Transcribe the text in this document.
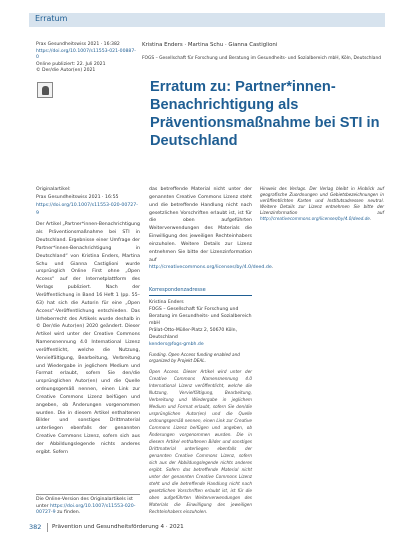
Erratum
Prax Gesundheitswiss 2021 · 16:382
https://doi.org/10.1007/s11553-021-00887-0
Online publiziert: 22. Juli 2021
© Der/die Autor(en) 2021
Kristina Enders · Martina Schu · Gianna Castiglioni
FOGS – Gesellschaft für Forschung und Beratung im Gesundheits- und Sozialbereich mbH, Köln, Deutschland
Erratum zu: Partner*innen-Benachrichtigung als Präventionsmaßnahme bei STI in Deutschland
Originalartikel:
Prax Gesundheitswiss 2021 · 16:55
https://doi.org/10.1007/s11553-020-00727-9

Der Artikel „Partner*innen-Benachrichtigung als Präventionsmaßnahme bei STI in Deutschland. Ergebnisse einer Umfrage der Partner*innen-Benachrichtigung in Deutschland“ von Kristina Enders, Martina Schu und Gianna Castiglioni wurde ursprünglich Online First ohne „Open Access“ auf der Internetplattform des Verlags publiziert. Nach der Veröffentlichung in Band 16 Heft 1 (pp. 55–63) hat sich die Autorin für eine „Open Access“-Veröffentlichung entschieden. Das Urheberrecht des Artikels wurde deshalb in © Der/die Autor(en) 2020 geändert. Dieser Artikel wird unter der Creative Commons Namensnennung 4.0 International Lizenz veröffentlicht, welche die Nutzung, Vervielfältigung, Bearbeitung, Verbreitung und Wiedergabe in jeglichem Medium und Format erlaubt, sofern Sie den/die ursprünglichen Autor(en) und die Quelle ordnungsgemäß nennen, einen Link zur Creative Commons Lizenz beifügen und angeben, ob Änderungen vorgenommen wurden. Die in diesem Artikel enthaltenen Bilder und sonstiges Drittmaterial unterliegen ebenfalls der genannten Creative Commons Lizenz, sofern sich aus der Abbildungslegende nichts anderes ergibt. Sofern

Die Online-Version des Originalartikels ist unter https://doi.org/10.1007/s11553-020-00727-9 zu finden.

das betreffende Material nicht unter der genannten Creative Commons Lizenz steht und die betreffende Handlung nicht nach gesetzlichen Vorschriften erlaubt ist, ist für die oben aufgeführten Weiterverwendungen des Materials die Einwilligung des jeweiligen Rechteinhabers einzuholen. Weitere Details zur Lizenz entnehmen Sie bitte der Lizenzinformation auf http://creativecommons.org/licenses/by/4.0/deed.de.

Korrespondenzadresse
Kristina Enders
FOGS – Gesellschaft für Forschung und Beratung im Gesundheits- und Sozialbereich mbH
Prälat-Otto-Müller-Platz 2, 50670 Köln, Deutschland
kenders@fogs-gmbh.de
Funding. Open Access funding enabled and organized by Projekt DEAL.
Open Access. Dieser Artikel wird unter der Creative Commons Namensnennung 4.0 International Lizenz veröffentlicht, welche die Nutzung, Vervielfältigung, Bearbeitung, Verbreitung und Wiedergabe in jeglichem Medium und Format erlaubt, sofern Sie den/die ursprünglichen Autor(en) und die Quelle ordnungsgemäß nennen, einen Link zur Creative Commons Lizenz beifügen und angeben, ob Änderungen vorgenommen wurden. Die in diesem Artikel enthaltenen Bilder und sonstiges Drittmaterial unterliegen ebenfalls der genannten Creative Commons Lizenz, sofern sich aus der Abbildungslegende nichts anderes ergibt. Sofern das betreffende Material nicht unter der genannten Creative Commons Lizenz steht und die betreffende Handlung nicht nach gesetzlichen Vorschriften erlaubt ist, ist für die oben aufgeführten Weiterverwendungen des Materials die Einwilligung des jeweiligen Rechteinhabers einzuholen.

Hinweis des Verlags. Der Verlag bleibt in Hinblick auf geografische Zuordnungen und Gebietsbezeichnungen in veröffentlichten Karten und Institutsadressen neutral. Weitere Details zur Lizenz entnehmen Sie bitte der Lizenzinformation auf http://creativecommons.org/licenses/by/4.0/deed.de.

382 Prävention und Gesundheitsförderung 4 · 2021
